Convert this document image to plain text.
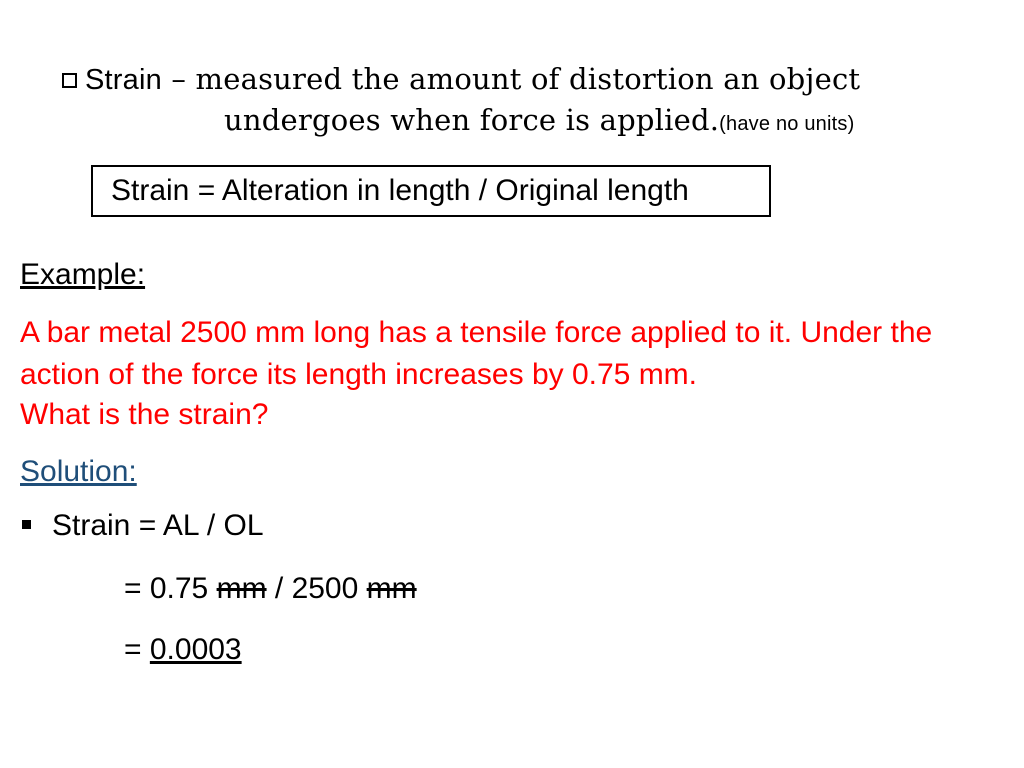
Strain – measured the amount of distortion an object
undergoes when force is applied.(have no units)
Strain = Alteration in length / Original length
Example:
A bar metal 2500 mm long has a tensile force applied to it. Under the
action of the force its length increases by 0.75 mm.
What is the strain?
Solution:
Strain = AL / OL
= 0.75 mm / 2500 mm
= 0.0003
